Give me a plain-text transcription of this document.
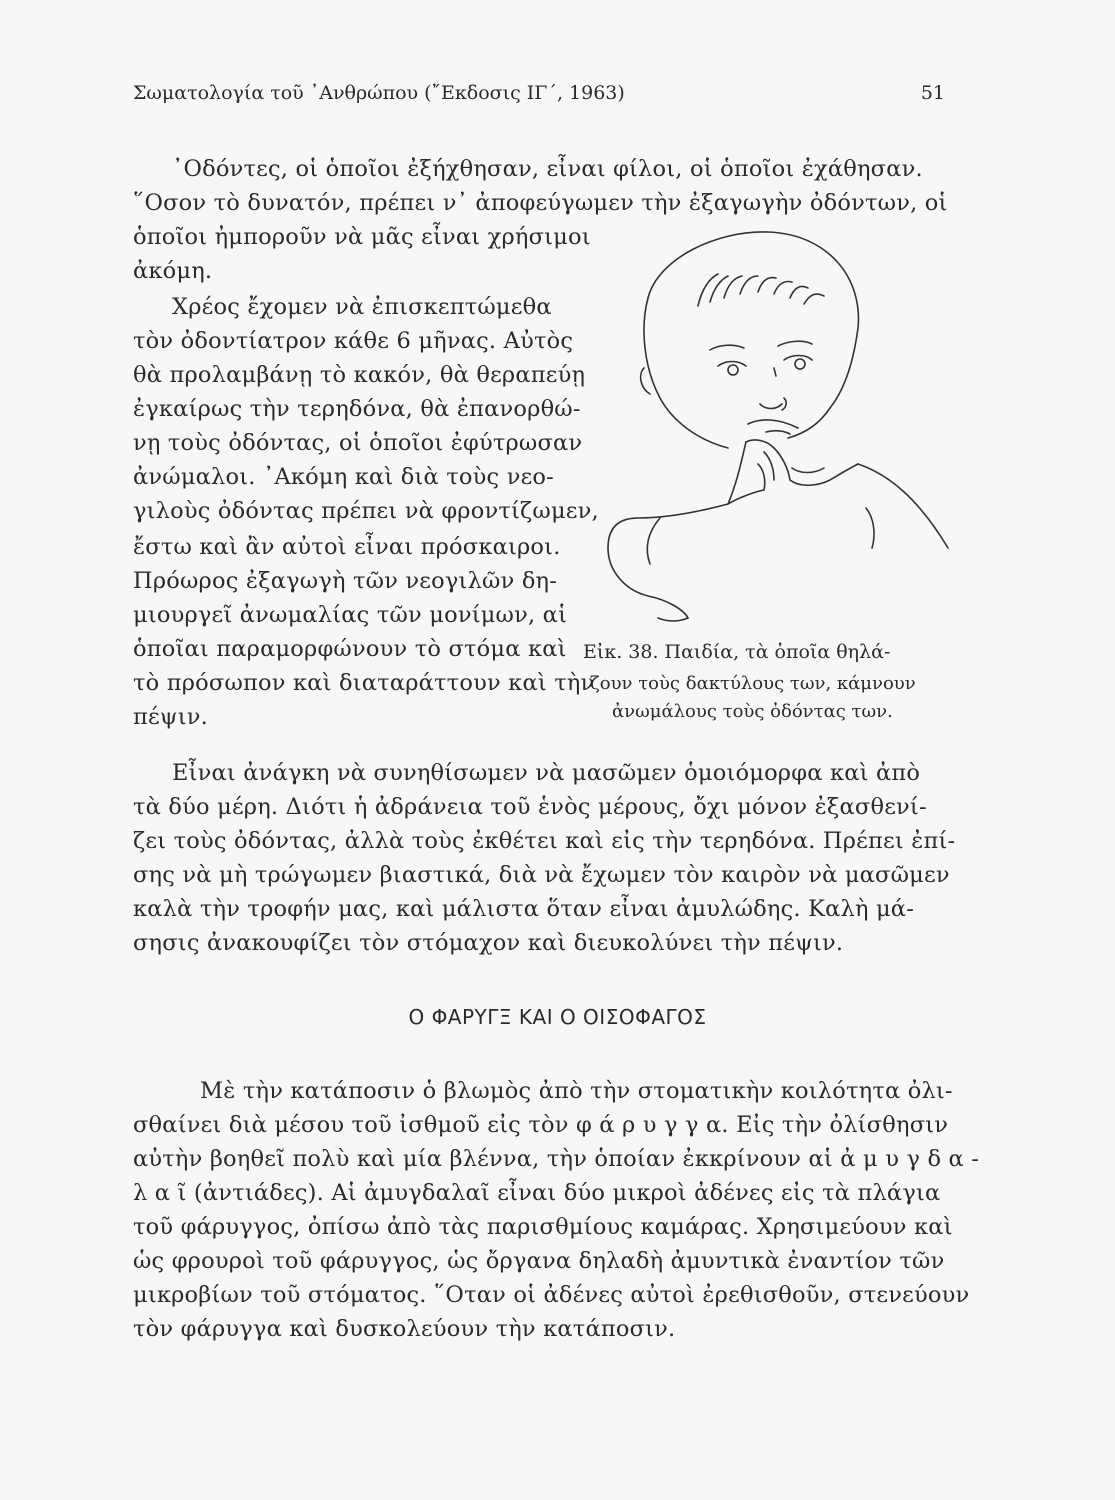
Σωματολογία τοῦ ᾿Ανθρώπου (῎Εκδοσις ΙΓ΄, 1963)	51
᾿Οδόντες, οἱ ὁποῖοι ἐξήχθησαν, εἶναι φίλοι, οἱ ὁποῖοι ἐχάθησαν.
῞Οσον τὸ δυνατόν, πρέπει ν᾿ ἀποφεύγωμεν τὴν ἐξαγωγὴν ὀδόντων, οἱ
ὁποῖοι ἠμποροῦν νὰ μᾶς εἶναι χρήσιμοι
ἀκόμη.
Χρέος ἔχομεν νὰ ἐπισκεπτώμεθα
τὸν ὀδοντίατρον κάθε 6 μῆνας. Αὐτὸς
θὰ προλαμβάνῃ τὸ κακόν, θὰ θεραπεύῃ
ἐγκαίρως τὴν τερηδόνα, θὰ ἐπανορθώ-
νῃ τοὺς ὀδόντας, οἱ ὁποῖοι ἐφύτρωσαν
ἀνώμαλοι. ᾿Ακόμη καὶ διὰ τοὺς νεο-
γιλοὺς ὀδόντας πρέπει νὰ φροντίζωμεν,
ἔστω καὶ ἂν αὐτοὶ εἶναι πρόσκαιροι.
Πρόωρος ἐξαγωγὴ τῶν νεογιλῶν δη-
μιουργεῖ ἀνωμαλίας τῶν μονίμων, αἱ
ὁποῖαι παραμορφώνουν τὸ στόμα καὶ
τὸ πρόσωπον καὶ διαταράττουν καὶ τὴν
πέψιν.
Εἰκ. 38. Παιδία, τὰ ὁποῖα θηλά-
ζουν τοὺς δακτύλους των, κάμνουν
ἀνωμάλους τοὺς ὀδόντας των.
Εἶναι ἀνάγκη νὰ συνηθίσωμεν νὰ μασῶμεν ὁμοιόμορφα καὶ ἀπὸ
τὰ δύο μέρη. Διότι ἡ ἀδράνεια τοῦ ἑνὸς μέρους, ὄχι μόνον ἐξασθενί-
ζει τοὺς ὀδόντας, ἀλλὰ τοὺς ἐκθέτει καὶ εἰς τὴν τερηδόνα. Πρέπει ἐπί-
σης νὰ μὴ τρώγωμεν βιαστικά, διὰ νὰ ἔχωμεν τὸν καιρὸν νὰ μασῶμεν
καλὰ τὴν τροφήν μας, καὶ μάλιστα ὅταν εἶναι ἀμυλώδης. Καλὴ μά-
σησις ἀνακουφίζει τὸν στόμαχον καὶ διευκολύνει τὴν πέψιν.
Ο ΦΑΡΥΓΞ ΚΑΙ Ο ΟΙΣΟΦΑΓΟΣ
Μὲ τὴν κατάποσιν ὁ βλωμὸς ἀπὸ τὴν στοματικὴν κοιλότητα ὀλι-
σθαίνει διὰ μέσου τοῦ ἰσθμοῦ εἰς τὸν φ ά ρ υ γ γ α. Εἰς τὴν ὀλίσθησιν
αὐτὴν βοηθεῖ πολὺ καὶ μία βλέννα, τὴν ὁποίαν ἐκκρίνουν αἱ ἀ μ υ γ δ α -
λ α ῖ (ἀντιάδες). Αἱ ἀμυγδαλαῖ εἶναι δύο μικροὶ ἀδένες εἰς τὰ πλάγια
τοῦ φάρυγγος, ὀπίσω ἀπὸ τὰς παρισθμίους καμάρας. Χρησιμεύουν καὶ
ὡς φρουροὶ τοῦ φάρυγγος, ὡς ὄργανα δηλαδὴ ἀμυντικὰ ἐναντίον τῶν
μικροβίων τοῦ στόματος. ῞Οταν οἱ ἀδένες αὐτοὶ ἐρεθισθοῦν, στενεύουν
τὸν φάρυγγα καὶ δυσκολεύουν τὴν κατάποσιν.
